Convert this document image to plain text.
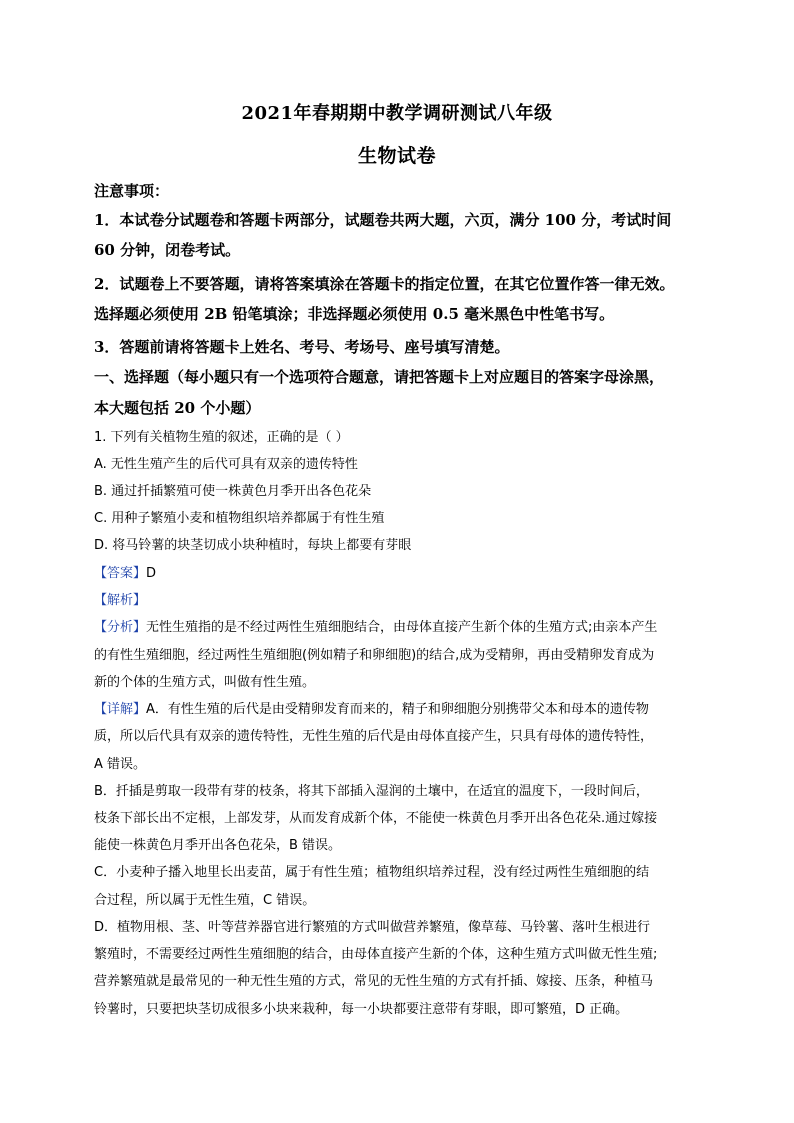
2021年春期期中教学调研测试八年级
生物试卷
注意事项：
1．本试卷分试题卷和答题卡两部分，试题卷共两大题，六页，满分 100 分，考试时间
60 分钟，闭卷考试。
2．试题卷上不要答题，请将答案填涂在答题卡的指定位置，在其它位置作答一律无效。
选择题必须使用 2B 铅笔填涂；非选择题必须使用 0.5 毫米黑色中性笔书写。
3．答题前请将答题卡上姓名、考号、考场号、座号填写清楚。
一、选择题（每小题只有一个选项符合题意，请把答题卡上对应题目的答案字母涂黑，
本大题包括 20 个小题）
1. 下列有关植物生殖的叙述，正确的是（ ）
A. 无性生殖产生的后代可具有双亲的遗传特性
B. 通过扦插繁殖可使一株黄色月季开出各色花朵
C. 用种子繁殖小麦和植物组织培养都属于有性生殖
D. 将马铃薯的块茎切成小块种植时，每块上都要有芽眼
【答案】D
【解析】
【分析】无性生殖指的是不经过两性生殖细胞结合，由母体直接产生新个体的生殖方式;由亲本产生
的有性生殖细胞，经过两性生殖细胞(例如精子和卵细胞)的结合,成为受精卵，再由受精卵发育成为
新的个体的生殖方式，叫做有性生殖。
【详解】A．有性生殖的后代是由受精卵发育而来的，精子和卵细胞分别携带父本和母本的遗传物
质，所以后代具有双亲的遗传特性，无性生殖的后代是由母体直接产生，只具有母体的遗传特性，
A 错误。
B．扦插是剪取一段带有芽的枝条，将其下部插入湿润的土壤中，在适宜的温度下，一段时间后，
枝条下部长出不定根，上部发芽，从而发育成新个体，不能使一株黄色月季开出各色花朵.通过嫁接
能使一株黄色月季开出各色花朵，B 错误。
C．小麦种子播入地里长出麦苗，属于有性生殖；植物组织培养过程，没有经过两性生殖细胞的结
合过程，所以属于无性生殖，C 错误。
D．植物用根、茎、叶等营养器官进行繁殖的方式叫做营养繁殖，像草莓、马铃薯、落叶生根进行
繁殖时，不需要经过两性生殖细胞的结合，由母体直接产生新的个体，这种生殖方式叫做无性生殖;
营养繁殖就是最常见的一种无性生殖的方式，常见的无性生殖的方式有扦插、嫁接、压条，种植马
铃薯时，只要把块茎切成很多小块来栽种，每一小块都要注意带有芽眼，即可繁殖，D 正确。
